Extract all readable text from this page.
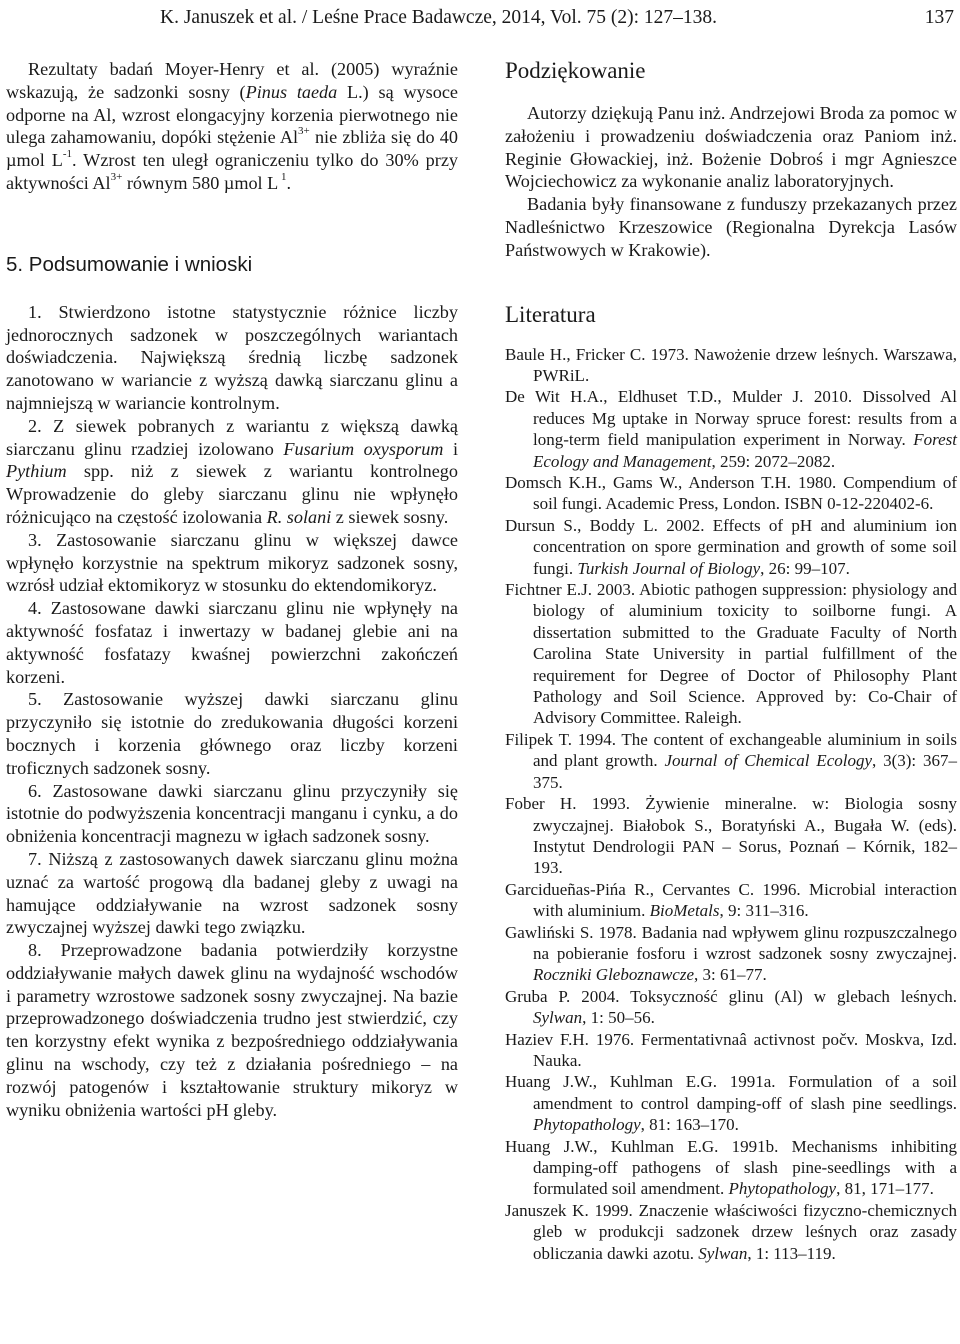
K. Januszek et al. / Leśne Prace Badawcze, 2014, Vol. 75 (2): 127–138.	137

Rezultaty badań Moyer-Henry et al. (2005) wyraźnie wskazują, że sadzonki sosny (Pinus taeda L.) są wysoce odporne na Al, wzrost elongacyjny korzenia pierwotnego nie ulega zahamowaniu, dopóki stężenie $Al^{3+}$ nie zbliża się do 40 µmol $L^{-1}$. Wzrost ten uległ ograniczeniu tylko do 30% przy aktywności $Al^{3+}$ równym 580 µmol L $^1$.

5. Podsumowanie i wnioski

1. Stwierdzono istotne statystycznie różnice liczby jednorocznych sadzonek w poszczególnych wariantach doświadczenia. Największą średnią liczbę sadzonek zanotowano w wariancie z wyższą dawką siarczanu glinu a najmniejszą w wariancie kontrolnym.

2. Z siewek pobranych z wariantu z większą dawką siarczanu glinu rzadziej izolowano Fusarium oxysporum i Pythium spp. niż z siewek z wariantu kontrolnego Wprowadzenie do gleby siarczanu glinu nie wpłynęło różnicująco na częstość izolowania R. solani z siewek sosny.

3. Zastosowanie siarczanu glinu w większej dawce wpłynęło korzystnie na spektrum mikoryz sadzonek sosny, wzrósł udział ektomikoryz w stosunku do ektendomikoryz.

4. Zastosowane dawki siarczanu glinu nie wpłynęły na aktywność fosfataz i inwertazy w badanej glebie ani na aktywność fosfatazy kwaśnej powierzchni zakończeń korzeni.

5. Zastosowanie wyższej dawki siarczanu glinu przyczyniło się istotnie do zredukowania długości korzeni bocznych i korzenia głównego oraz liczby korzeni troficznych sadzonek sosny.

6. Zastosowane dawki siarczanu glinu przyczyniły się istotnie do podwyższenia koncentracji manganu i cynku, a do obniżenia koncentracji magnezu w igłach sadzonek sosny.

7. Niższą z zastosowanych dawek siarczanu glinu można uznać za wartość progową dla badanej gleby z uwagi na hamujące oddziaływanie na wzrost sadzonek sosny zwyczajnej wyższej dawki tego związku.

8. Przeprowadzone badania potwierdziły korzystne oddziaływanie małych dawek glinu na wydajność wschodów i parametry wzrostowe sadzonek sosny zwyczajnej. Na bazie przeprowadzonego doświadczenia trudno jest stwierdzić, czy ten korzystny efekt wynika z bezpośredniego oddziaływania glinu na wschody, czy też z działania pośredniego – na rozwój patogenów i kształtowanie struktury mikoryz w wyniku obniżenia wartości pH gleby.

Podziękowanie

Autorzy dziękują Panu inż. Andrzejowi Broda za pomoc w założeniu i prowadzeniu doświadczenia oraz Paniom inż. Reginie Głowackiej, inż. Bożenie Dobroś i mgr Agnieszce Wojciechowicz za wykonanie analiz laboratoryjnych.

Badania były finansowane z funduszy przekazanych przez Nadleśnictwo Krzeszowice (Regionalna Dyrekcja Lasów Państwowych w Krakowie).

Literatura
Baule H., Fricker C. 1973. Nawożenie drzew leśnych. Warszawa, PWRiL.
De Wit H.A., Eldhuset T.D., Mulder J. 2010. Dissolved Al reduces Mg uptake in Norway spruce forest: results from a long-term field manipulation experiment in Norway. Forest Ecology and Management, 259: 2072–2082.
Domsch K.H., Gams W., Anderson T.H. 1980. Compendium of soil fungi. Academic Press, London. ISBN 0-12-220402-6.
Dursun S., Boddy L. 2002. Effects of pH and aluminium ion concentration on spore germination and growth of some soil fungi. Turkish Journal of Biology, 26: 99–107.
Fichtner E.J. 2003. Abiotic pathogen suppression: physiology and biology of aluminium toxicity to soilborne fungi. A dissertation submitted to the Graduate Faculty of North Carolina State University in partial fulfillment of the requirement for Degree of Doctor of Philosophy Plant Pathology and Soil Science. Approved by: Co-Chair of Advisory Committee. Raleigh.
Filipek T. 1994. The content of exchangeable aluminium in soils and plant growth. Journal of Chemical Ecology, 3(3): 367–375.
Fober H. 1993. Żywienie mineralne. w: Biologia sosny zwyczajnej. Białobok S., Boratyński A., Bugała W. (eds). Instytut Dendrologii PAN – Sorus, Poznań – Kórnik, 182–193.
Garcidueñas-Pińa R., Cervantes C. 1996. Microbial interaction with aluminium. BioMetals, 9: 311–316.
Gawliński S. 1978. Badania nad wpływem glinu rozpuszczalnego na pobieranie fosforu i wzrost sadzonek sosny zwyczajnej. Roczniki Gleboznawcze, 3: 61–77.
Gruba P. 2004. Toksyczność glinu (Al) w glebach leśnych. Sylwan, 1: 50–56.
Haziev F.H. 1976. Fermentativnaâ activnost počv. Moskva, Izd. Nauka.
Huang J.W., Kuhlman E.G. 1991a. Formulation of a soil amendment to control damping-off of slash pine seedlings. Phytopathology, 81: 163–170.
Huang J.W., Kuhlman E.G. 1991b. Mechanisms inhibiting damping-off pathogens of slash pine-seedlings with a formulated soil amendment. Phytopathology, 81, 171–177.
Januszek K. 1999. Znaczenie właściwości fizyczno-chemicznych gleb w produkcji sadzonek drzew leśnych oraz zasady obliczania dawki azotu. Sylwan, 1: 113–119.
